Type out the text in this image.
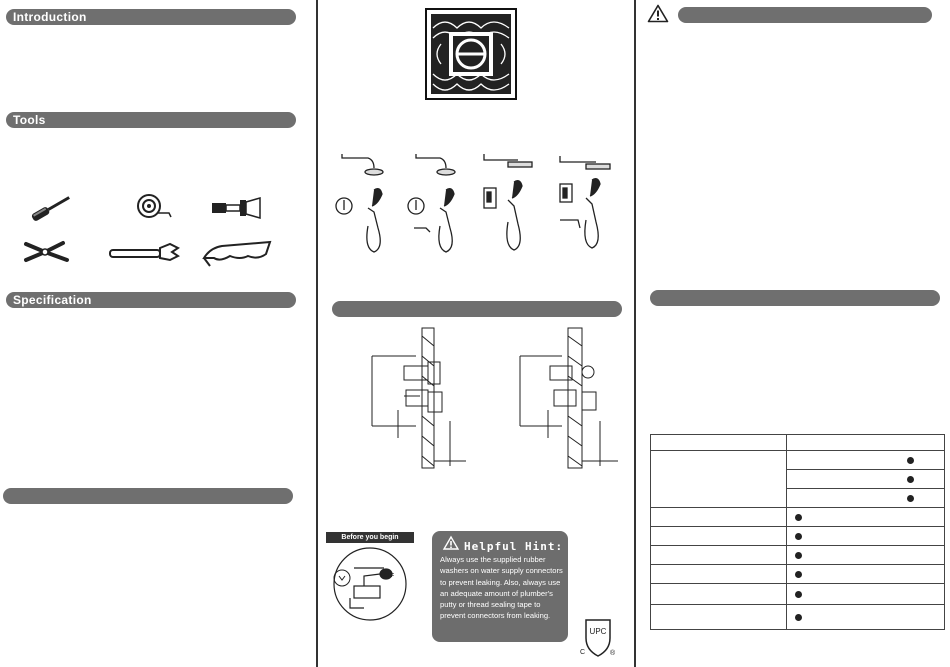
Introduction
Tools
Specification
Before you begin
OFF
Helpful Hint:
Always use the supplied rubber washers on water supply connectors to prevent leaking. Also, always use an adequate amount of plumber's putty or thread sealing tape to prevent connectors from leaking.
UPC
C	®
